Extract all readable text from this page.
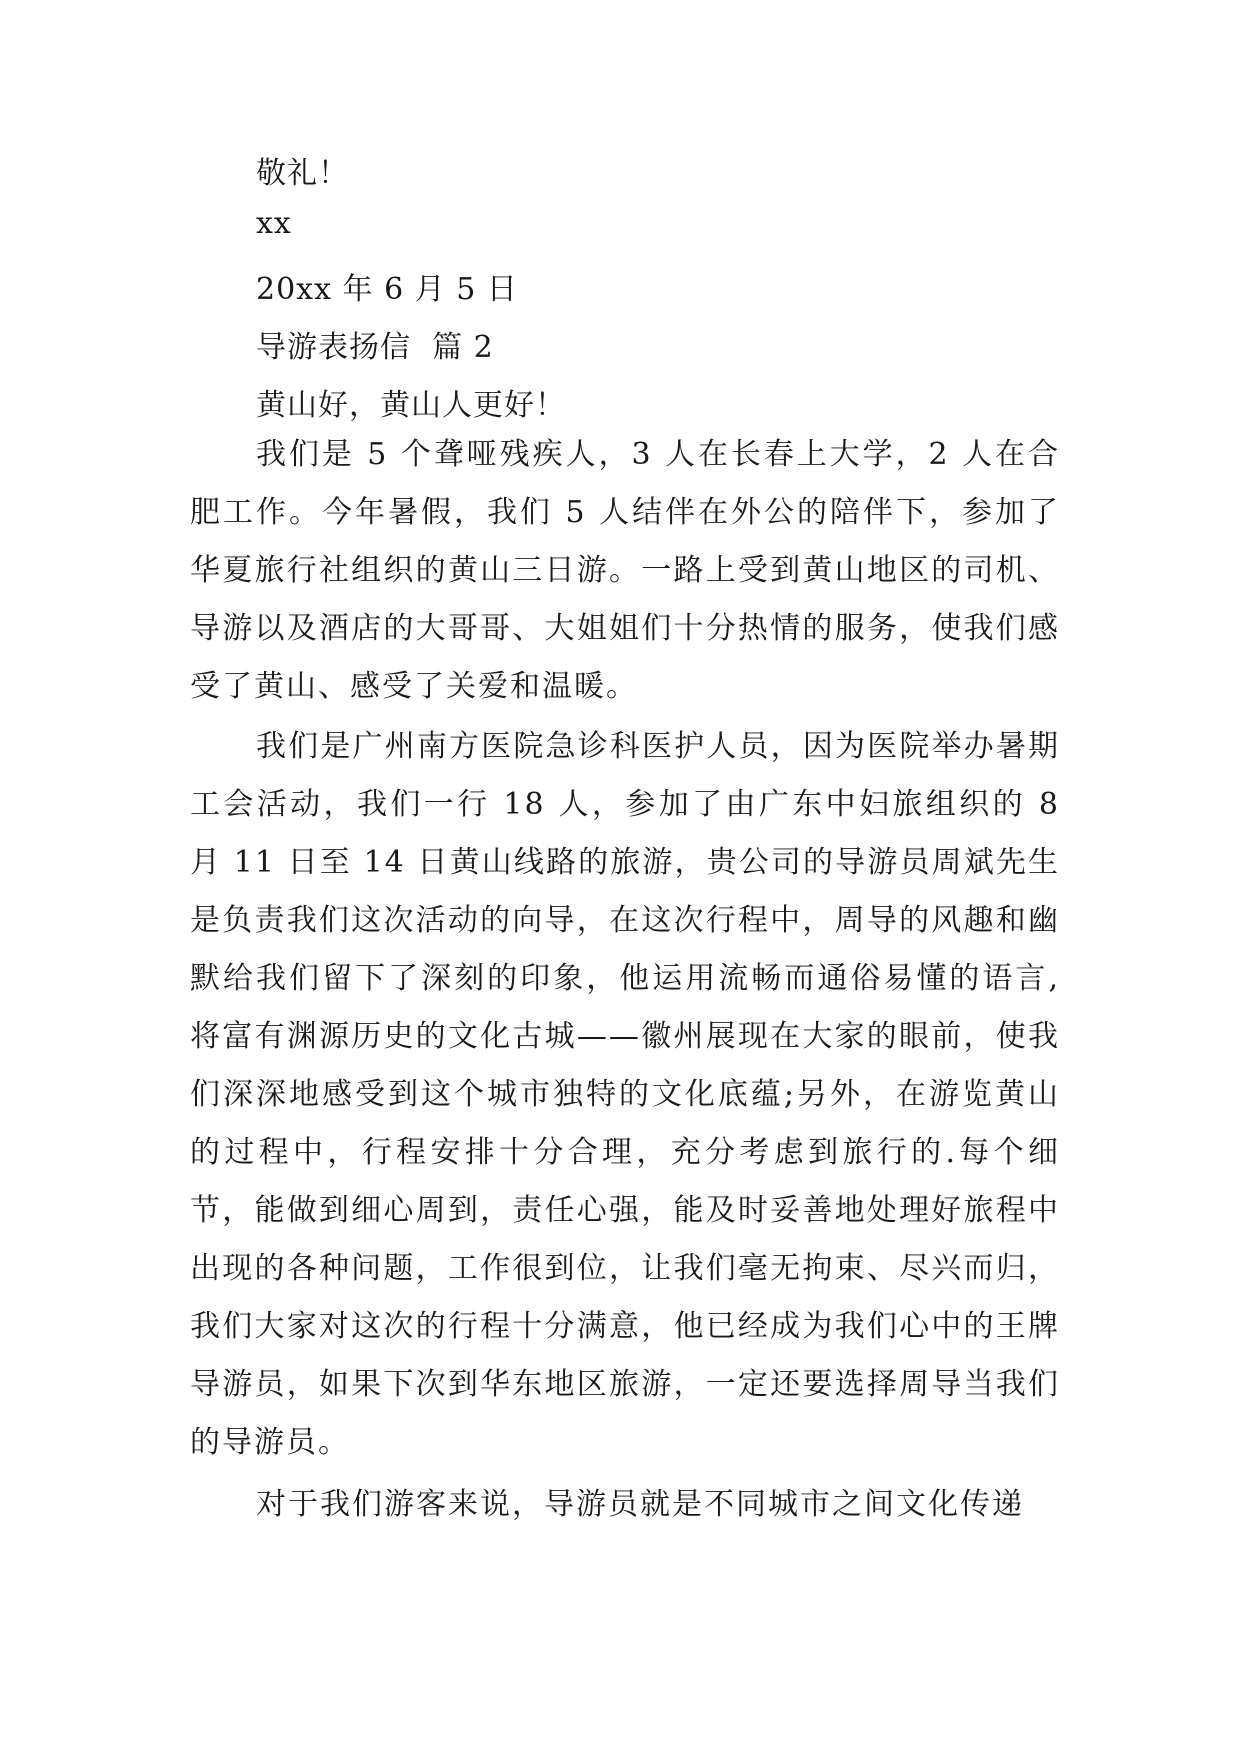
敬礼！
xx
20xx 年 6 月 5 日
导游表扬信  篇 2
黄山好，黄山人更好！
我们是 5 个聋哑残疾人，3 人在长春上大学，2 人在合肥工作。今年暑假，我们 5 人结伴在外公的陪伴下，参加了华夏旅行社组织的黄山三日游。一路上受到黄山地区的司机、导游以及酒店的大哥哥、大姐姐们十分热情的服务，使我们感受了黄山、感受了关爱和温暖。
我们是广州南方医院急诊科医护人员，因为医院举办暑期工会活动，我们一行 18 人，参加了由广东中妇旅组织的 8 月 11 日至 14 日黄山线路的旅游，贵公司的导游员周斌先生是负责我们这次活动的向导，在这次行程中，周导的风趣和幽默给我们留下了深刻的印象，他运用流畅而通俗易懂的语言,将富有渊源历史的文化古城——徽州展现在大家的眼前，使我们深深地感受到这个城市独特的文化底蕴;另外，在游览黄山的过程中，行程安排十分合理，充分考虑到旅行的.每个细节，能做到细心周到，责任心强，能及时妥善地处理好旅程中出现的各种问题，工作很到位，让我们毫无拘束、尽兴而归，我们大家对这次的行程十分满意，他已经成为我们心中的王牌导游员，如果下次到华东地区旅游，一定还要选择周导当我们的导游员。
对于我们游客来说，导游员就是不同城市之间文化传递
